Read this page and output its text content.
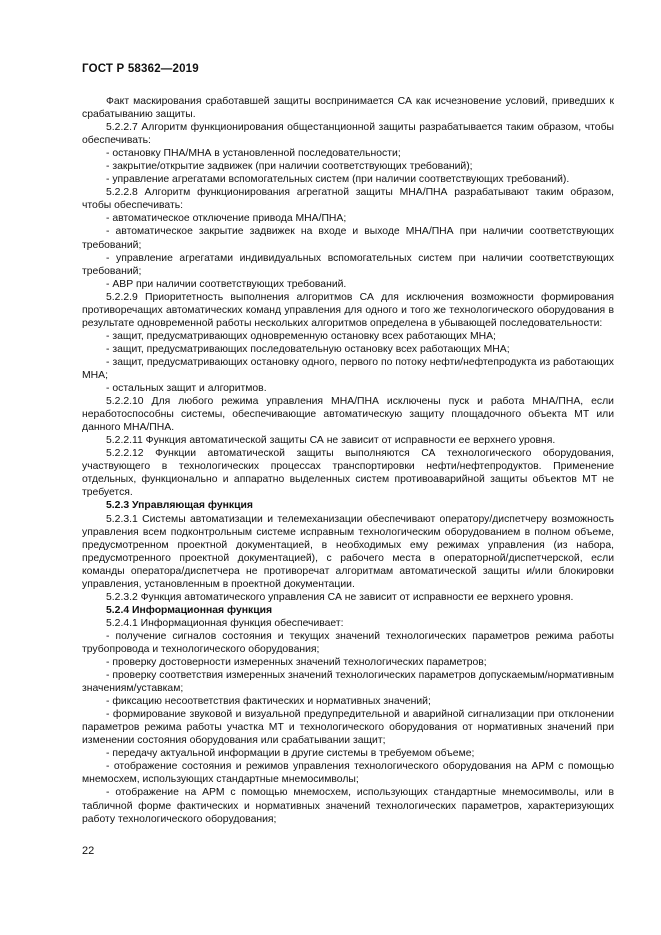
ГОСТ Р 58362—2019

Факт маскирования сработавшей защиты воспринимается СА как исчезновение условий, приведших к срабатыванию защиты.

5.2.2.7 Алгоритм функционирования общестанционной защиты разрабатывается таким образом, чтобы обеспечивать:

- остановку ПНА/МНА в установленной последовательности;

- закрытие/открытие задвижек (при наличии соответствующих требований);

- управление агрегатами вспомогательных систем (при наличии соответствующих требований).

5.2.2.8 Алгоритм функционирования агрегатной защиты МНА/ПНА разрабатывают таким образом, чтобы обеспечивать:

- автоматическое отключение привода МНА/ПНА;

- автоматическое закрытие задвижек на входе и выходе МНА/ПНА при наличии соответствующих требований;

- управление агрегатами индивидуальных вспомогательных систем при наличии соответствующих требований;

- АВР при наличии соответствующих требований.

5.2.2.9 Приоритетность выполнения алгоритмов СА для исключения возможности формирования противоречащих автоматических команд управления для одного и того же технологического оборудования в результате одновременной работы нескольких алгоритмов определена в убывающей последовательности:

- защит, предусматривающих одновременную остановку всех работающих МНА;

- защит, предусматривающих последовательную остановку всех работающих МНА;

- защит, предусматривающих остановку одного, первого по потоку нефти/нефтепродукта из работающих МНА;

- остальных защит и алгоритмов.

5.2.2.10 Для любого режима управления МНА/ПНА исключены пуск и работа МНА/ПНА, если неработоспособны системы, обеспечивающие автоматическую защиту площадочного объекта МТ или данного МНА/ПНА.

5.2.2.11 Функция автоматической защиты СА не зависит от исправности ее верхнего уровня.

5.2.2.12 Функции автоматической защиты выполняются СА технологического оборудования, участвующего в технологических процессах транспортировки нефти/нефтепродуктов. Применение отдельных, функционально и аппаратно выделенных систем противоаварийной защиты объектов МТ не требуется.

5.2.3 Управляющая функция

5.2.3.1 Системы автоматизации и телемеханизации обеспечивают оператору/диспетчеру возможность управления всем подконтрольным системе исправным технологическим оборудованием в полном объеме, предусмотренном проектной документацией, в необходимых ему режимах управления (из набора, предусмотренного проектной документацией), с рабочего места в операторной/диспетчерской, если команды оператора/диспетчера не противоречат алгоритмам автоматической защиты и/или блокировки управления, установленным в проектной документации.

5.2.3.2 Функция автоматического управления СА не зависит от исправности ее верхнего уровня.

5.2.4 Информационная функция

5.2.4.1 Информационная функция обеспечивает:

- получение сигналов состояния и текущих значений технологических параметров режима работы трубопровода и технологического оборудования;

- проверку достоверности измеренных значений технологических параметров;

- проверку соответствия измеренных значений технологических параметров допускаемым/нормативным значениям/уставкам;

- фиксацию несоответствия фактических и нормативных значений;

- формирование звуковой и визуальной предупредительной и аварийной сигнализации при отклонении параметров режима работы участка МТ и технологического оборудования от нормативных значений при изменении состояния оборудования или срабатывании защит;

- передачу актуальной информации в другие системы в требуемом объеме;

- отображение состояния и режимов управления технологического оборудования на АРМ с помощью мнемосхем, использующих стандартные мнемосимволы;

- отображение на АРМ с помощью мнемосхем, использующих стандартные мнемосимволы, или в табличной форме фактических и нормативных значений технологических параметров, характеризующих работу технологического оборудования;

22
